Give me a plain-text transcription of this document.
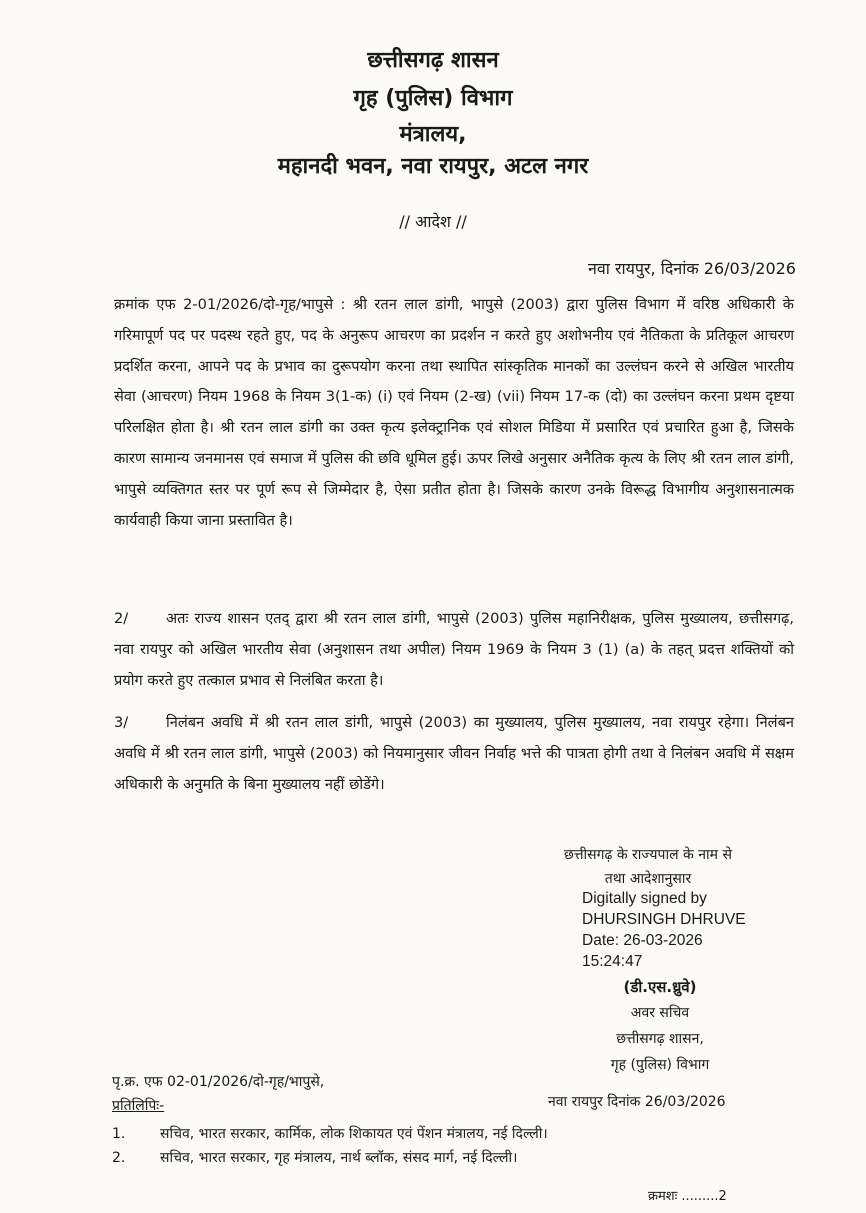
छत्तीसगढ़ शासन
गृह (पुलिस) विभाग
मंत्रालय,
महानदी भवन, नवा रायपुर, अटल नगर
// आदेश //
नवा रायपुर, दिनांक 26/03/2026
क्रमांक एफ 2-01/2026/दो-गृह/भापुसे : श्री रतन लाल डांगी, भापुसे (2003) द्वारा पुलिस विभाग में वरिष्ठ अधिकारी के गरिमापूर्ण पद पर पदस्थ रहते हुए, पद के अनुरूप आचरण का प्रदर्शन न करते हुए अशोभनीय एवं नैतिकता के प्रतिकूल आचरण प्रदर्शित करना, आपने पद के प्रभाव का दुरूपयोग करना तथा स्थापित सांस्कृतिक मानकों का उल्लंघन करने से अखिल भारतीय सेवा (आचरण) नियम 1968 के नियम 3(1-क) (i) एवं नियम (2-ख) (vii) नियम 17-क (दो) का उल्लंघन करना प्रथम दृष्टया परिलक्षित होता है। श्री रतन लाल डांगी का उक्त कृत्य इलेक्ट्रानिक एवं सोशल मिडिया में प्रसारित एवं प्रचारित हुआ है, जिसके कारण सामान्य जनमानस एवं समाज में पुलिस की छवि धूमिल हुई। ऊपर लिखे अनुसार अनैतिक कृत्य के लिए श्री रतन लाल डांगी, भापुसे व्यक्तिगत स्तर पर पूर्ण रूप से जिम्मेदार है, ऐसा प्रतीत होता है। जिसके कारण उनके विरूद्ध विभागीय अनुशासनात्मक कार्यवाही किया जाना प्रस्तावित है।
2/	अतः राज्य शासन एतद् द्वारा श्री रतन लाल डांगी, भापुसे (2003) पुलिस महानिरीक्षक, पुलिस मुख्यालय, छत्तीसगढ़, नवा रायपुर को अखिल भारतीय सेवा (अनुशासन तथा अपील) नियम 1969 के नियम 3 (1) (a) के तहत् प्रदत्त शक्तियों को प्रयोग करते हुए तत्काल प्रभाव से निलंबित करता है।
3/	निलंबन अवधि में श्री रतन लाल डांगी, भापुसे (2003) का मुख्यालय, पुलिस मुख्यालय, नवा रायपुर रहेगा। निलंबन अवधि में श्री रतन लाल डांगी, भापुसे (2003) को नियमानुसार जीवन निर्वाह भत्ते की पात्रता होगी तथा वे निलंबन अवधि में सक्षम अधिकारी के अनुमति के बिना मुख्यालय नहीं छोडेंगे।
छत्तीसगढ़ के राज्यपाल के नाम से
तथा आदेशानुसार
Digitally signed by
DHURSINGH DHRUVE
Date: 26-03-2026
15:24:47
(डी.एस.ध्रुवे)
अवर सचिव
छत्तीसगढ़ शासन,
गृह (पुलिस) विभाग
पृ.क्र. एफ 02-01/2026/दो-गृह/भापुसे,
नवा रायपुर दिनांक 26/03/2026
प्रतिलिपिः-
1. सचिव, भारत सरकार, कार्मिक, लोक शिकायत एवं पेंशन मंत्रालय, नई दिल्ली।
2. सचिव, भारत सरकार, गृह मंत्रालय, नार्थ ब्लॉक, संसद मार्ग, नई दिल्ली।
क्रमशः .........2
